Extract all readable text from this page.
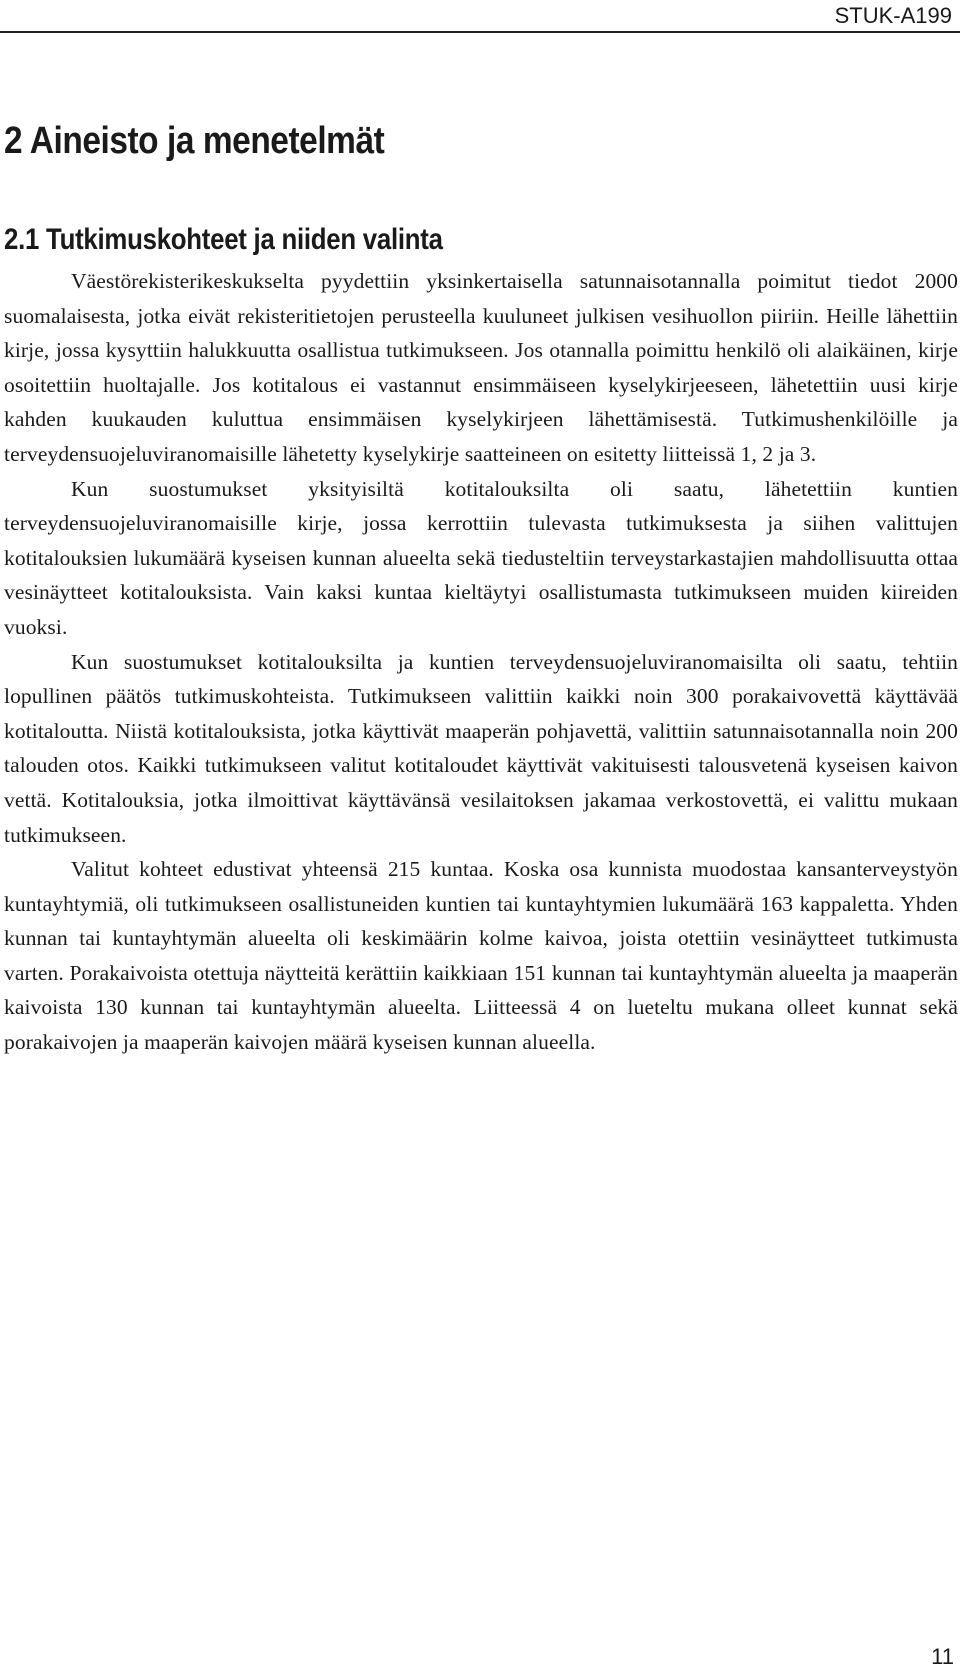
STUK-A199
2 Aineisto ja menetelmät
2.1 Tutkimuskohteet ja niiden valinta

Väestörekisterikeskukselta pyydettiin yksinkertaisella satunnaisotannalla poimitut tiedot 2000 suomalaisesta, jotka eivät rekisteritietojen perusteella kuuluneet julkisen vesihuollon piiriin. Heille lähettiin kirje, jossa kysyttiin halukkuutta osallistua tutkimukseen. Jos otannalla poimittu henkilö oli alaikäinen, kirje osoitettiin huoltajalle. Jos kotitalous ei vastannut ensimmäiseen kyselykirjeeseen, lähetettiin uusi kirje kahden kuukauden kuluttua ensimmäisen kyselykirjeen lähettämisestä. Tutkimushenkilöille ja terveydensuojeluviranomaisille lähetetty kyselykirje saatteineen on esitetty liitteissä 1, 2 ja 3.

Kun suostumukset yksityisiltä kotitalouksilta oli saatu, lähetettiin kuntien terveydensuojeluviranomaisille kirje, jossa kerrottiin tulevasta tutkimuksesta ja siihen valittujen kotitalouksien lukumäärä kyseisen kunnan alueelta sekä tiedusteltiin terveystarkastajien mahdollisuutta ottaa vesinäytteet kotitalouksista. Vain kaksi kuntaa kieltäytyi osallistumasta tutkimukseen muiden kiireiden vuoksi.

Kun suostumukset kotitalouksilta ja kuntien terveydensuojeluviranomaisilta oli saatu, tehtiin lopullinen päätös tutkimuskohteista. Tutkimukseen valittiin kaikki noin 300 porakaivovettä käyttävää kotitaloutta. Niistä kotitalouksista, jotka käyttivät maaperän pohjavettä, valittiin satunnaisotannalla noin 200 talouden otos. Kaikki tutkimukseen valitut kotitaloudet käyttivät vakituisesti talousvetenä kyseisen kaivon vettä. Kotitalouksia, jotka ilmoittivat käyttävänsä vesilaitoksen jakamaa verkostovettä, ei valittu mukaan tutkimukseen.

Valitut kohteet edustivat yhteensä 215 kuntaa. Koska osa kunnista muodostaa kansanterveystyön kuntayhtymiä, oli tutkimukseen osallistuneiden kuntien tai kuntayhtymien lukumäärä 163 kappaletta. Yhden kunnan tai kuntayhtymän alueelta oli keskimäärin kolme kaivoa, joista otettiin vesinäytteet tutkimusta varten. Porakaivoista otettuja näytteitä kerättiin kaikkiaan 151 kunnan tai kuntayhtymän alueelta ja maaperän kaivoista 130 kunnan tai kuntayhtymän alueelta. Liitteessä 4 on lueteltu mukana olleet kunnat sekä porakaivojen ja maaperän kaivojen määrä kyseisen kunnan alueella.

11
